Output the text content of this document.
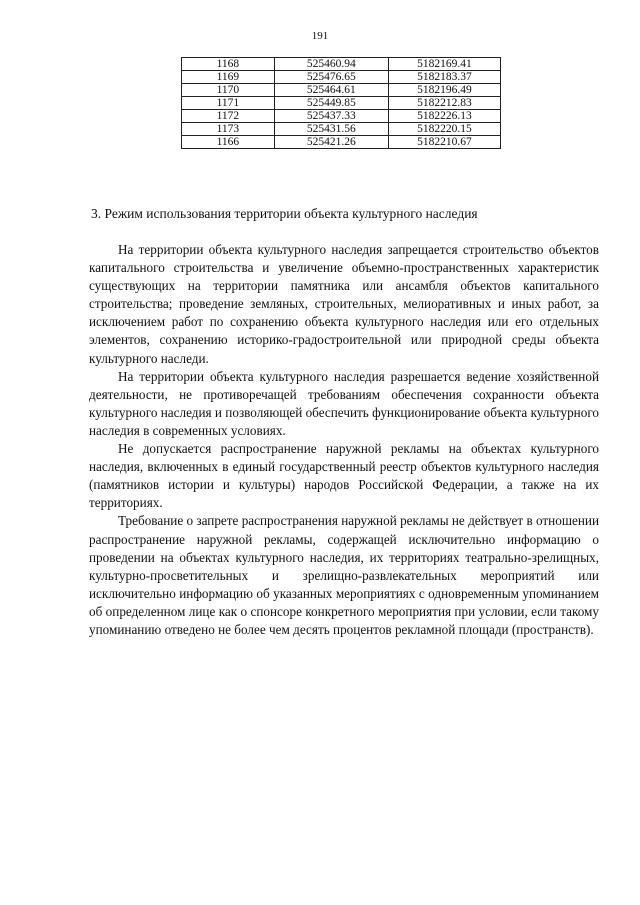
191
1168	525460.94	5182169.41
1169	525476.65	5182183.37
1170	525464.61	5182196.49
1171	525449.85	5182212.83
1172	525437.33	5182226.13
1173	525431.56	5182220.15
1166	525421.26	5182210.67
3. Режим использования территории объекта культурного наследия

На территории объекта культурного наследия запрещается строительство объектов капитального строительства и увеличение объемно-пространственных характеристик существующих на территории памятника или ансамбля объектов капитального строительства; проведение земляных, строительных, мелиоративных и иных работ, за исключением работ по сохранению объекта культурного наследия или его отдельных элементов, сохранению историко-градостроительной или природной среды объекта культурного наследи.

На территории объекта культурного наследия разрешается ведение хозяйственной деятельности, не противоречащей требованиям обеспечения сохранности объекта культурного наследия и позволяющей обеспечить функционирование объекта культурного наследия в современных условиях.

Не допускается распространение наружной рекламы на объектах культурного наследия, включенных в единый государственный реестр объектов культурного наследия (памятников истории и культуры) народов Российской Федерации, а также на их территориях.

Требование о запрете распространения наружной рекламы не действует в отношении распространение наружной рекламы, содержащей исключительно информацию о проведении на объектах культурного наследия, их территориях театрально-зрелищных, культурно-просветительных и зрелищно-развлекательных мероприятий или исключительно информацию об указанных мероприятиях с одновременным упоминанием об определенном лице как о спонсоре конкретного мероприятия при условии, если такому упоминанию отведено не более чем десять процентов рекламной площади (пространств).
